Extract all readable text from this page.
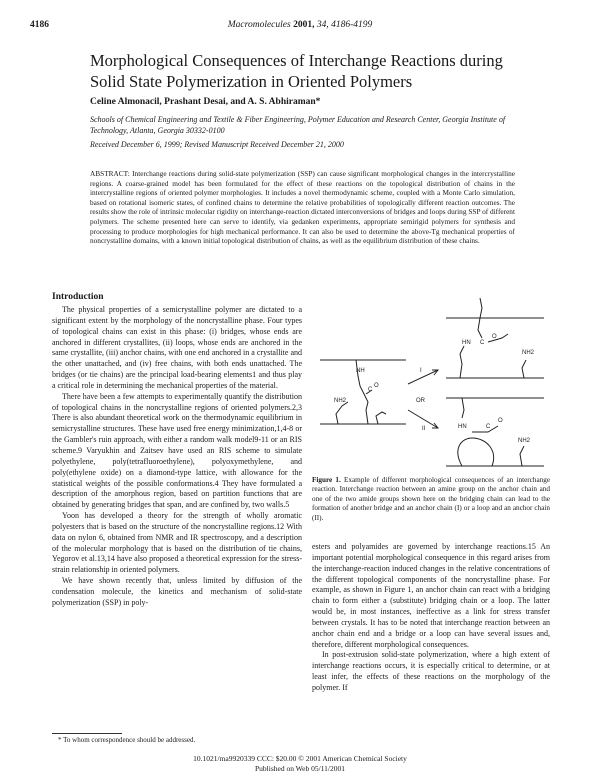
4186	Macromolecules 2001, 34, 4186-4199
Morphological Consequences of Interchange Reactions during Solid State Polymerization in Oriented Polymers
Celine Almonacil, Prashant Desai, and A. S. Abhiraman*
Schools of Chemical Engineering and Textile & Fiber Engineering, Polymer Education and Research Center, Georgia Institute of Technology, Atlanta, Georgia 30332-0100
Received December 6, 1999; Revised Manuscript Received December 21, 2000
ABSTRACT: Interchange reactions during solid-state polymerization (SSP) can cause significant morphological changes in the intercrystalline regions. A coarse-grained model has been formulated for the effect of these reactions on the topological distribution of chains in the intercrystalline regions of oriented polymer morphologies. It includes a novel thermodynamic scheme, coupled with a Monte Carlo simulation, based on rotational isomeric states, of confined chains to determine the relative probabilities of topologically different reaction outcomes. The results show the role of intrinsic molecular rigidity on interchange-reaction dictated interconversions of bridges and loops during SSP of different polymers. The scheme presented here can serve to identify, via gedanken experiments, appropriate semirigid polymers for synthesis and processing to produce morphologies for high mechanical performance. It can also be used to determine the above-Tg mechanical properties of noncrystalline domains, with a known initial topological distribution of chains, as well as the equilibrium distribution of these chains.
Introduction

The physical properties of a semicrystalline polymer are dictated to a significant extent by the morphology of the noncrystalline phase. Four types of topological chains can exist in this phase: (i) bridges, whose ends are anchored in different crystallites, (ii) loops, whose ends are anchored in the same crystallite, (iii) anchor chains, with one end anchored in a crystallite and the other unattached, and (iv) free chains, with both ends unattached. The bridges (or tie chains) are the principal load-bearing elements1 and thus play a critical role in determining the mechanical properties of the material.

There have been a few attempts to experimentally quantify the distribution of topological chains in the noncrystalline regions of oriented polymers.2,3 There is also abundant theoretical work on the thermodynamic equilibrium in semicrystalline structures. These have used free energy minimization,1,4-8 or the Gambler's ruin approach, with either a random walk model9-11 or an RIS scheme.9 Varyukhin and Zaitsev have used an RIS scheme to simulate polyethylene, poly(tetrafluoroethylene), polyoxymethylene, and poly(ethylene oxide) on a diamond-type lattice, with allowance for the statistical weights of the possible conformations.4 They have formulated a description of the amorphous region, based on partition functions that are obtained by generating bridges that span, and are confined by, two walls.5

Yoon has developed a theory for the strength of wholly aromatic polyesters that is based on the structure of the noncrystalline regions.12 With data on nylon 6, obtained from NMR and IR spectroscopy, and a description of the molecular morphology that is based on the distribution of tie chains, Yegorov et al.13,14 have also proposed a theoretical expression for the stress-strain relationship in oriented polymers.

We have shown recently that, unless limited by diffusion of the condensation molecule, the kinetics and mechanism of solid-state polymerization (SSP) in poly-

NH
C
O
NH2
I
OR
II
HN C
O
NH2
HN	C
O
NH2
Figure 1. Example of different morphological consequences of an interchange reaction. Interchange reaction between an amine group on the anchor chain and one of the two amide groups shown here on the bridging chain can lead to the formation of another bridge and an anchor chain (I) or a loop and an anchor chain (II).

esters and polyamides are governed by interchange reactions.15 An important potential morphological consequence in this regard arises from the interchange-reaction induced changes in the relative concentrations of the different topological components of the noncrystalline phase. For example, as shown in Figure 1, an anchor chain can react with a bridging chain to form either a (substitute) bridging chain or a loop. The latter would be, in most instances, ineffective as a link for stress transfer between crystals. It has to be noted that interchange reaction between an anchor chain end and a bridge or a loop can have several issues and, therefore, different morphological consequences.

In post-extrusion solid-state polymerization, where a high extent of interchange reactions occurs, it is especially critical to determine, or at least infer, the effects of these reactions on the morphology of the polymer. If

* To whom correspondence should be addressed.
10.1021/ma9920339 CCC: $20.00 © 2001 American Chemical Society
Published on Web 05/11/2001
